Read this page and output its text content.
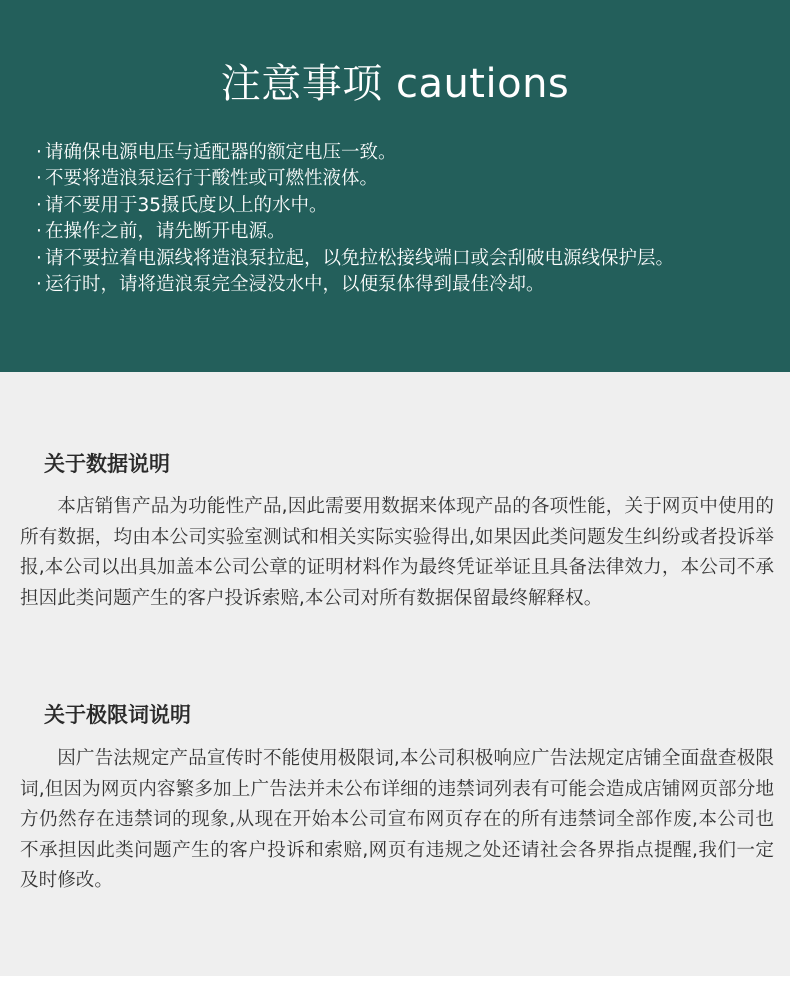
注意事项 cautions
· 请确保电源电压与适配器的额定电压一致。
· 不要将造浪泵运行于酸性或可燃性液体。
· 请不要用于35摄氏度以上的水中。
· 在操作之前，请先断开电源。
· 请不要拉着电源线将造浪泵拉起，以免拉松接线端口或会刮破电源线保护层。
· 运行时，请将造浪泵完全浸没水中，以便泵体得到最佳冷却。
关于数据说明

本店销售产品为功能性产品,因此需要用数据来体现产品的各项性能，关于网页中使用的所有数据，均由本公司实验室测试和相关实际实验得出,如果因此类问题发生纠纷或者投诉举报,本公司以出具加盖本公司公章的证明材料作为最终凭证举证且具备法律效力，本公司不承担因此类问题产生的客户投诉索赔,本公司对所有数据保留最终解释权。

关于极限词说明

因广告法规定产品宣传时不能使用极限词,本公司积极响应广告法规定店铺全面盘查极限词,但因为网页内容繁多加上广告法并未公布详细的违禁词列表有可能会造成店铺网页部分地方仍然存在违禁词的现象,从现在开始本公司宣布网页存在的所有违禁词全部作废,本公司也不承担因此类问题产生的客户投诉和索赔,网页有违规之处还请社会各界指点提醒,我们一定及时修改。
